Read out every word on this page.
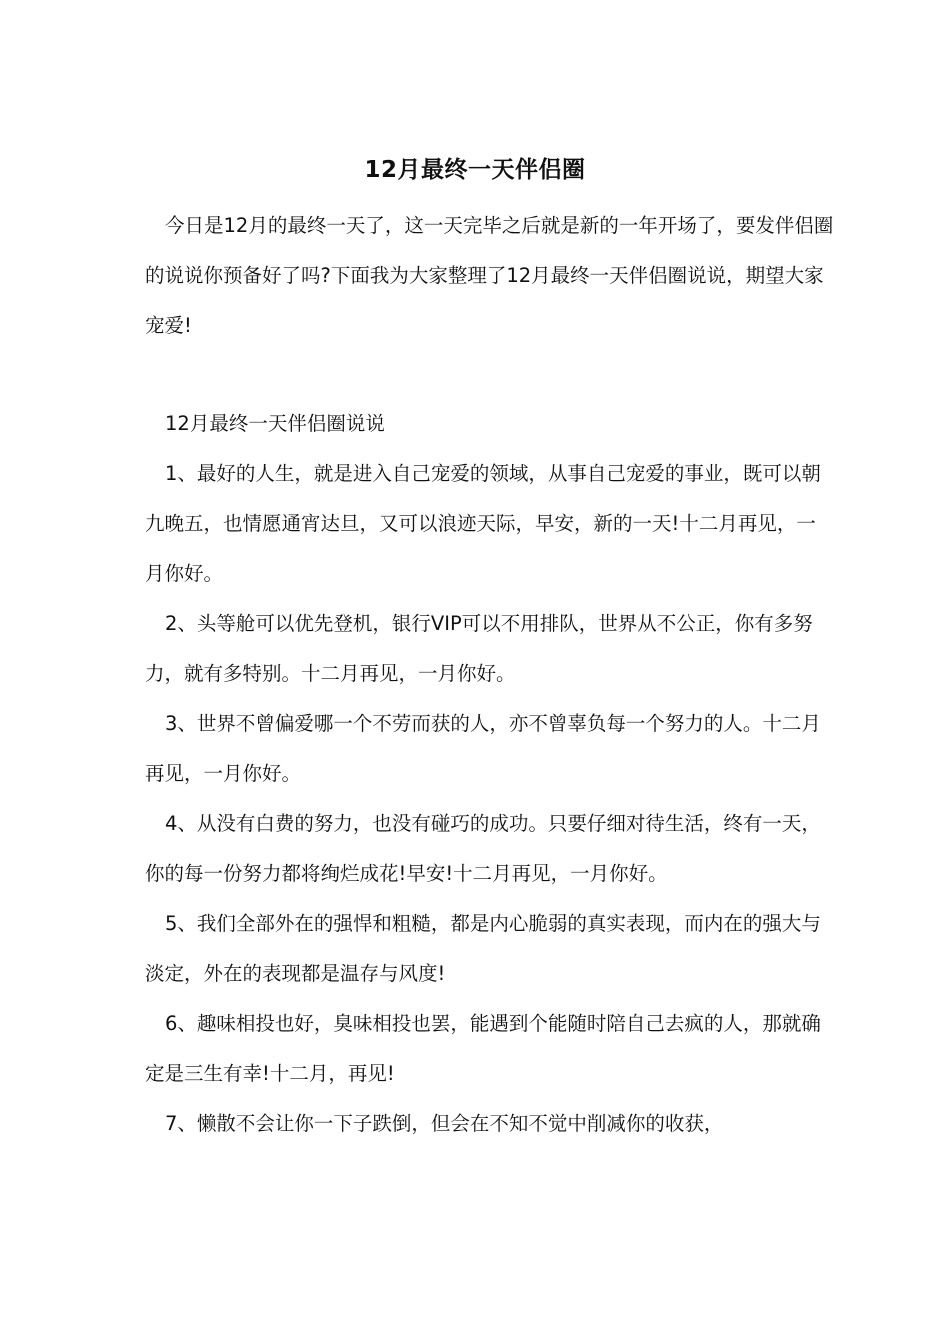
12月最终一天伴侣圈

今日是12月的最终一天了，这一天完毕之后就是新的一年开场了，要发伴侣圈的说说你预备好了吗?下面我为大家整理了12月最终一天伴侣圈说说，期望大家宠爱!

12月最终一天伴侣圈说说

1、最好的人生，就是进入自己宠爱的领域，从事自己宠爱的事业，既可以朝九晚五，也情愿通宵达旦，又可以浪迹天际，早安，新的一天!十二月再见，一月你好。

2、头等舱可以优先登机，银行VIP可以不用排队，世界从不公正，你有多努力，就有多特别。十二月再见，一月你好。

3、世界不曾偏爱哪一个不劳而获的人，亦不曾辜负每一个努力的人。十二月再见，一月你好。

4、从没有白费的努力，也没有碰巧的成功。只要仔细对待生活，终有一天，你的每一份努力都将绚烂成花!早安!十二月再见，一月你好。

5、我们全部外在的强悍和粗糙，都是内心脆弱的真实表现，而内在的强大与淡定，外在的表现都是温存与风度!

6、趣味相投也好，臭味相投也罢，能遇到个能随时陪自己去疯的人，那就确定是三生有幸!十二月，再见!

7、懒散不会让你一下子跌倒，但会在不知不觉中削减你的收获，
